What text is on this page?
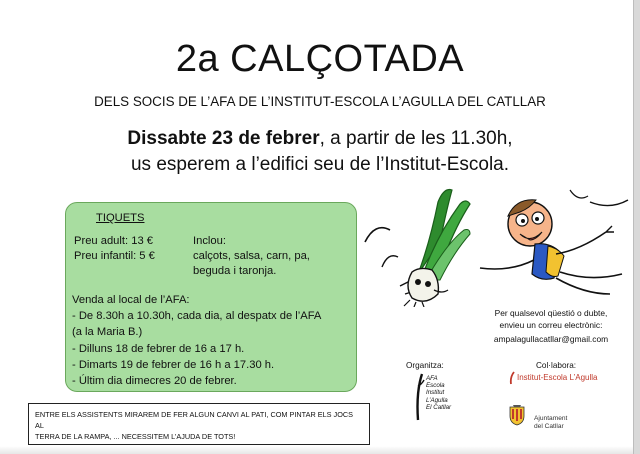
2a CALÇOTADA
DELS SOCIS DE L’AFA DE L’INSTITUT-ESCOLA L’AGULLA DEL CATLLAR
Dissabte 23 de febrer, a partir de les 11.30h,
us esperem a l’edifici seu de l’Institut-Escola.
TIQUETS
Preu adult: 13 €
Preu infantil: 5 €
Inclou:
calçots, salsa, carn, pa,
beguda i taronja.
Venda al local de l’AFA:
- De 8.30h a 10.30h, cada dia, al despatx de l’AFA
(a la Maria B.)
- Dilluns 18 de febrer de 16 a 17 h.
- Dimarts 19 de febrer de 16 h a 17.30 h.
- Últim dia dimecres 20 de febrer.
ENTRE ELS ASSISTENTS MIRAREM DE FER ALGUN CANVI AL PATI, COM PINTAR ELS JOCS AL
TERRA DE LA RAMPA, ... NECESSITEM L’AJUDA DE TOTS!
Per qualsevol qüestió o dubte,
envieu un correu electrònic:
ampalagullacatllar@gmail.com
Organitza:	Col·labora:
AFA
Escola
Institut
L’Agulla
El Catllar
Institut-Escola L’Agulla
Ajuntament
del Catllar
